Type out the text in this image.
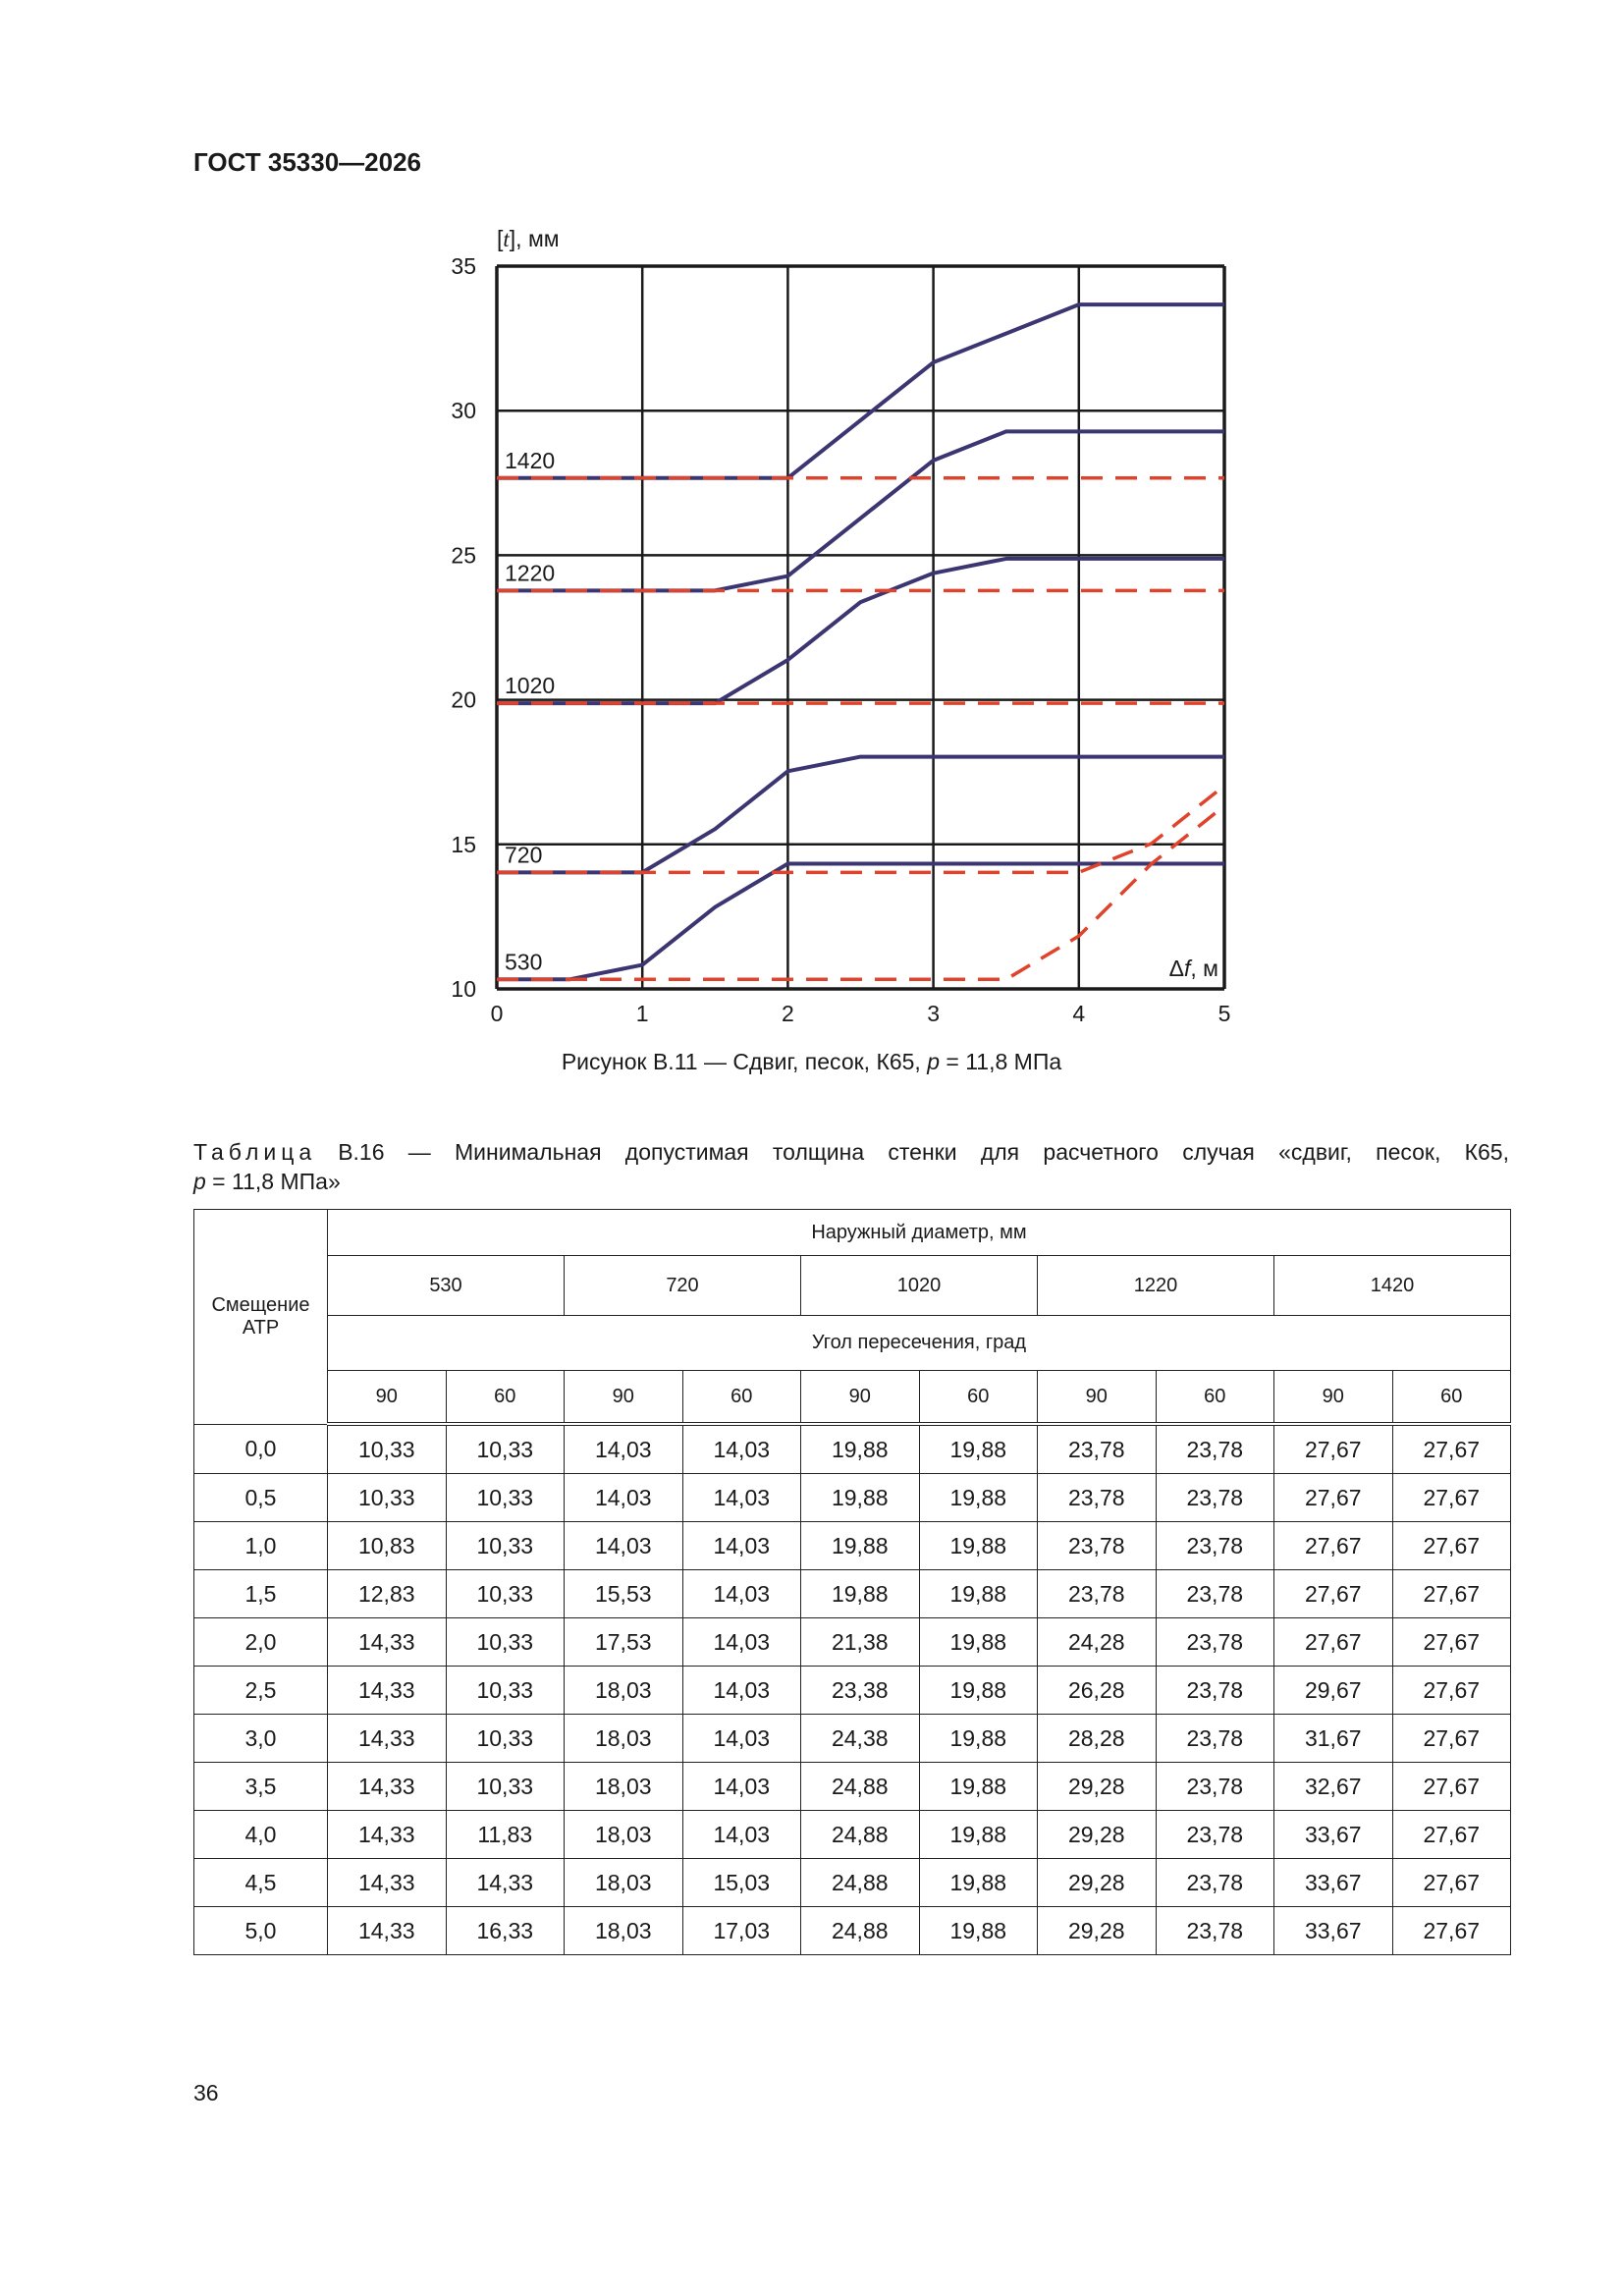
ГОСТ 35330—2026
0	1	2	3	4	5
10
15
20
25
30
35
[t], мм
Δf, м
530
720
1020
1220
1420
Рисунок В.11 — Сдвиг, песок, К65, p = 11,8 МПа
Таблица В.16 — Минимальная допустимая толщина стенки для расчетного случая «сдвиг, песок, К65,
p = 11,8 МПа»
Смещение АТР	Наружный диаметр, мм									
	530		720		1020		1220		1420	
	Угол пересечения, град									
	90	60	90	60	90	60	90	60	90	60
0,0	10,33	10,33	14,03	14,03	19,88	19,88	23,78	23,78	27,67	27,67
0,5	10,33	10,33	14,03	14,03	19,88	19,88	23,78	23,78	27,67	27,67
1,0	10,83	10,33	14,03	14,03	19,88	19,88	23,78	23,78	27,67	27,67
1,5	12,83	10,33	15,53	14,03	19,88	19,88	23,78	23,78	27,67	27,67
2,0	14,33	10,33	17,53	14,03	21,38	19,88	24,28	23,78	27,67	27,67
2,5	14,33	10,33	18,03	14,03	23,38	19,88	26,28	23,78	29,67	27,67
3,0	14,33	10,33	18,03	14,03	24,38	19,88	28,28	23,78	31,67	27,67
3,5	14,33	10,33	18,03	14,03	24,88	19,88	29,28	23,78	32,67	27,67
4,0	14,33	11,83	18,03	14,03	24,88	19,88	29,28	23,78	33,67	27,67
4,5	14,33	14,33	18,03	15,03	24,88	19,88	29,28	23,78	33,67	27,67
5,0	14,33	16,33	18,03	17,03	24,88	19,88	29,28	23,78	33,67	27,67
36
